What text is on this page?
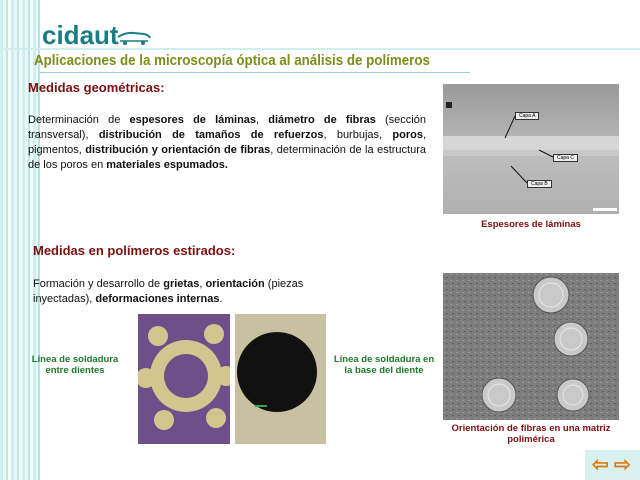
cidaut
Aplicaciones de la microscopía óptica al análisis de polímeros
Medidas geométricas:
Determinación de espesores de láminas, diámetro de fibras (sección transversal), distribución de tamaños de refuerzos, burbujas, poros, pigmentos, distribución y orientación de fibras, determinación de la estructura de los poros en materiales espumados.
Capa A
Capa C
Capa B
Espesores de láminas
Medidas en polímeros estirados:
Formación y desarrollo de grietas, orientación (piezas inyectadas), deformaciones internas.
Línea de soldadura entre dientes
Línea de soldadura en la base del diente
Orientación de fibras en una matriz polimérica
⇦ ⇨
